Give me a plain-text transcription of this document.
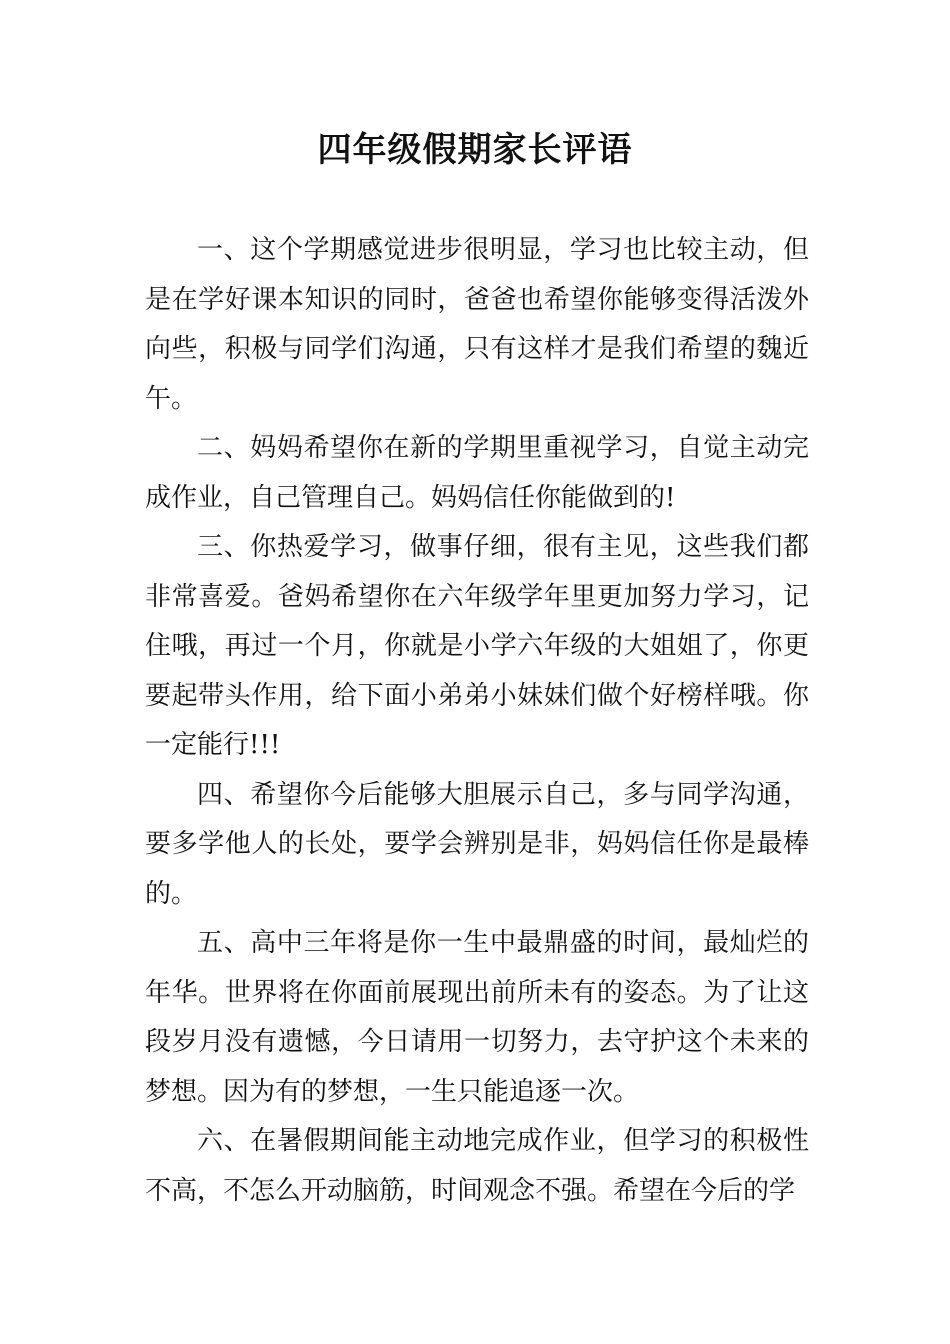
四年级假期家长评语

一、这个学期感觉进步很明显，学习也比较主动，但是在学好课本知识的同时，爸爸也希望你能够变得活泼外向些，积极与同学们沟通，只有这样才是我们希望的魏近午。

二、妈妈希望你在新的学期里重视学习，自觉主动完成作业，自己管理自己。妈妈信任你能做到的!

三、你热爱学习，做事仔细，很有主见，这些我们都非常喜爱。爸妈希望你在六年级学年里更加努力学习，记住哦，再过一个月，你就是小学六年级的大姐姐了，你更要起带头作用，给下面小弟弟小妹妹们做个好榜样哦。你一定能行!!!

四、希望你今后能够大胆展示自己，多与同学沟通，要多学他人的长处，要学会辨别是非，妈妈信任你是最棒的。

五、高中三年将是你一生中最鼎盛的时间，最灿烂的年华。世界将在你面前展现出前所未有的姿态。为了让这段岁月没有遗憾，今日请用一切努力，去守护这个未来的梦想。因为有的梦想，一生只能追逐一次。

六、在暑假期间能主动地完成作业，但学习的积极性不高，不怎么开动脑筋，时间观念不强。希望在今后的学
